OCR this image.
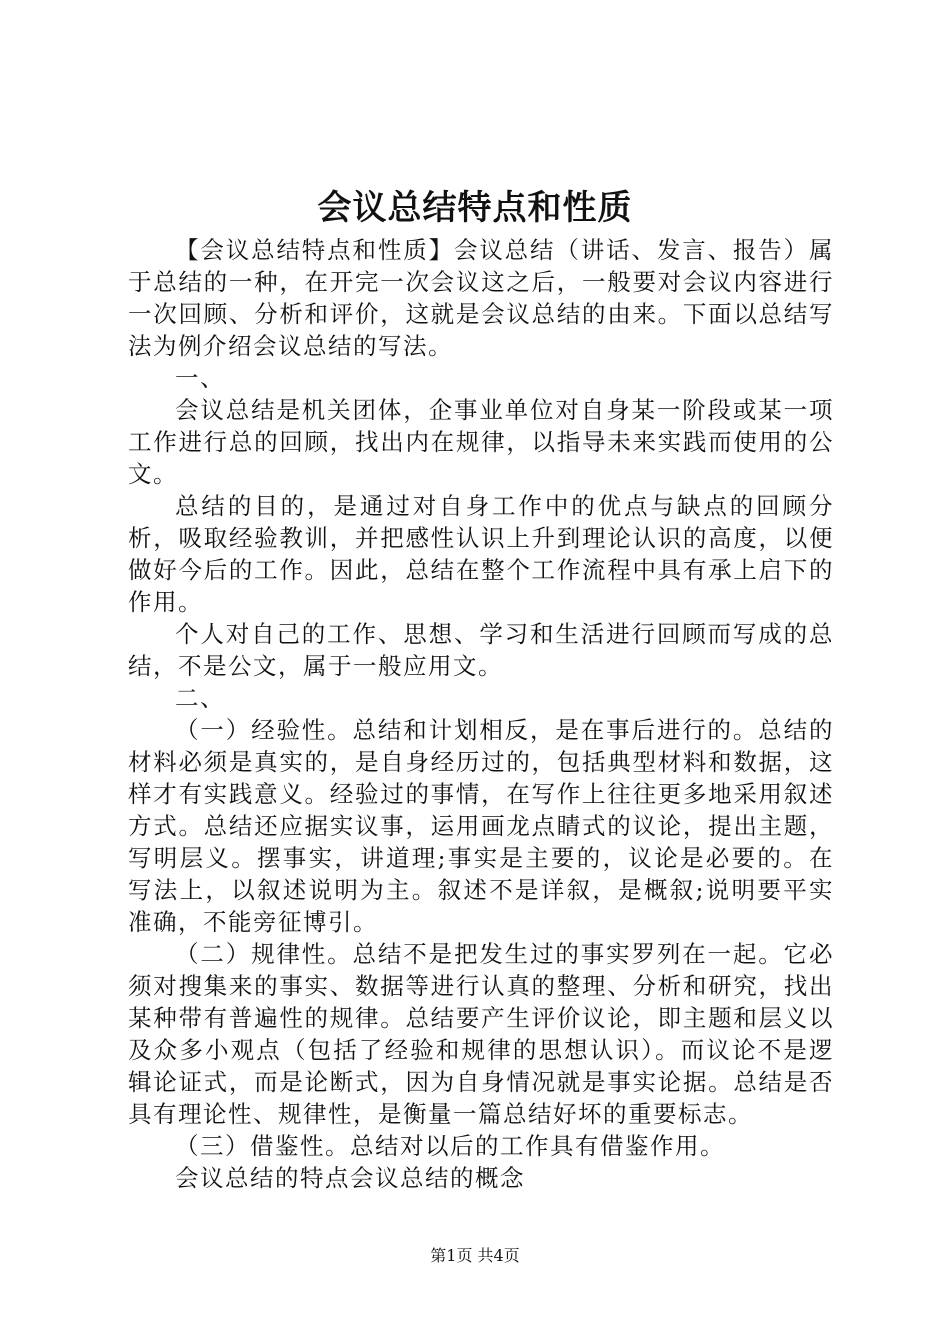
会议总结特点和性质

【会议总结特点和性质】会议总结（讲话、发言、报告）属于总结的一种，在开完一次会议这之后，一般要对会议内容进行一次回顾、分析和评价，这就是会议总结的由来。下面以总结写法为例介绍会议总结的写法。

一、

会议总结是机关团体，企事业单位对自身某一阶段或某一项工作进行总的回顾，找出内在规律，以指导未来实践而使用的公文。

总结的目的，是通过对自身工作中的优点与缺点的回顾分析，吸取经验教训，并把感性认识上升到理论认识的高度，以便做好今后的工作。因此，总结在整个工作流程中具有承上启下的作用。

个人对自己的工作、思想、学习和生活进行回顾而写成的总结，不是公文，属于一般应用文。

二、

（一）经验性。总结和计划相反，是在事后进行的。总结的材料必须是真实的，是自身经历过的，包括典型材料和数据，这样才有实践意义。经验过的事情，在写作上往往更多地采用叙述方式。总结还应据实议事，运用画龙点睛式的议论，提出主题，写明层义。摆事实，讲道理;事实是主要的，议论是必要的。在写法上，以叙述说明为主。叙述不是详叙，是概叙;说明要平实准确，不能旁征博引。

（二）规律性。总结不是把发生过的事实罗列在一起。它必须对搜集来的事实、数据等进行认真的整理、分析和研究，找出某种带有普遍性的规律。总结要产生评价议论，即主题和层义以及众多小观点（包括了经验和规律的思想认识）。而议论不是逻辑论证式，而是论断式，因为自身情况就是事实论据。总结是否具有理论性、规律性，是衡量一篇总结好坏的重要标志。

（三）借鉴性。总结对以后的工作具有借鉴作用。

会议总结的特点会议总结的概念

第1页 共4页
